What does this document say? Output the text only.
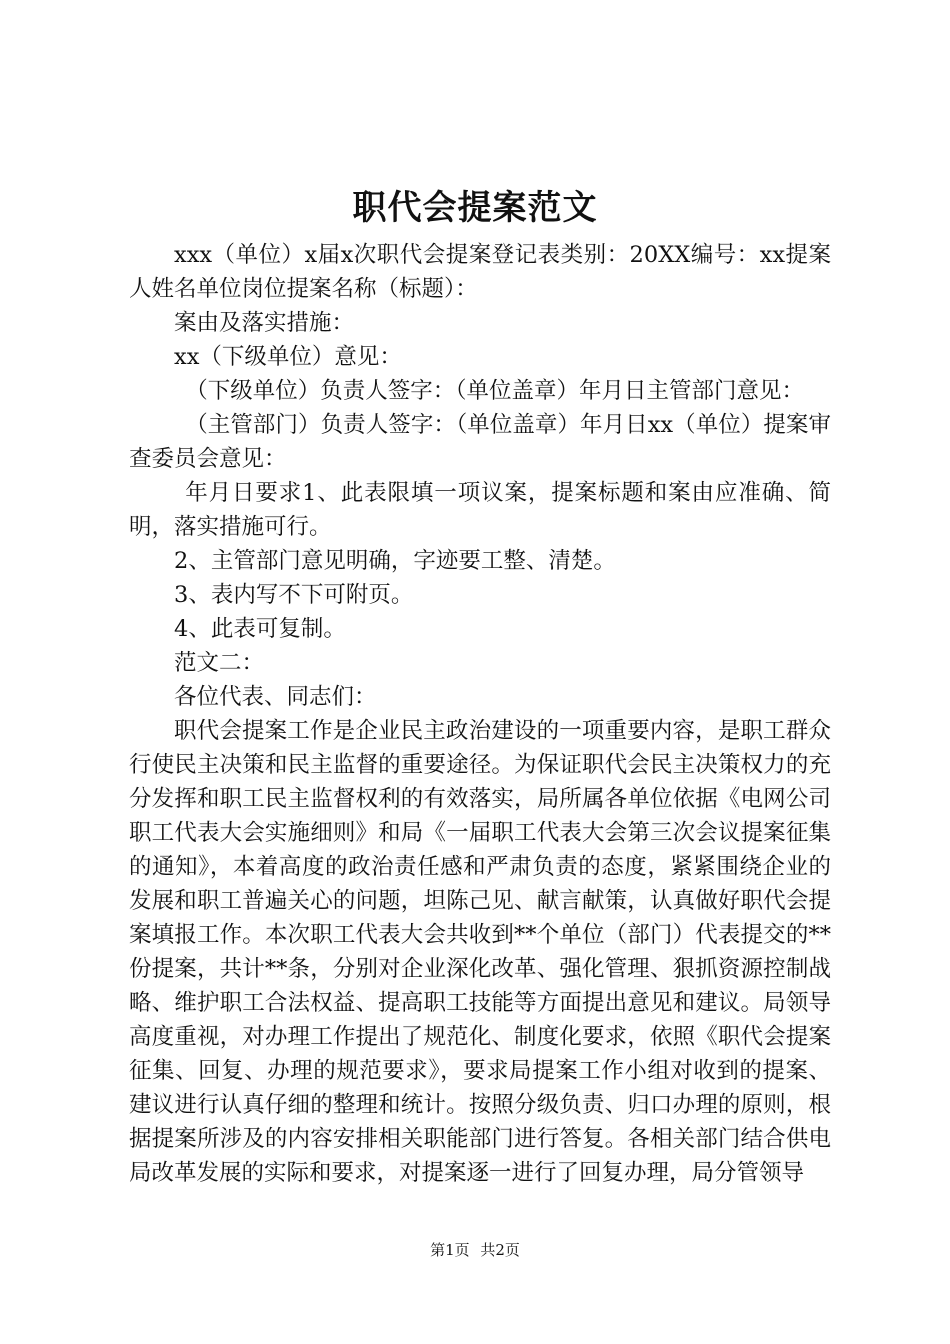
职代会提案范文

xxx（单位）x届x次职代会提案登记表类别：20XX编号：xx提案人姓名单位岗位提案名称（标题）：

案由及落实措施：

xx（下级单位）意见：

（下级单位）负责人签字：（单位盖章）年月日主管部门意见：

（主管部门）负责人签字：（单位盖章）年月日xx（单位）提案审查委员会意见：

年月日要求1、此表限填一项议案，提案标题和案由应准确、简明，落实措施可行。

2、主管部门意见明确，字迹要工整、清楚。

3、表内写不下可附页。

4、此表可复制。

范文二：

各位代表、同志们：

职代会提案工作是企业民主政治建设的一项重要内容，是职工群众行使民主决策和民主监督的重要途径。为保证职代会民主决策权力的充分发挥和职工民主监督权利的有效落实，局所属各单位依据《电网公司职工代表大会实施细则》和局《一届职工代表大会第三次会议提案征集的通知》，本着高度的政治责任感和严肃负责的态度，紧紧围绕企业的发展和职工普遍关心的问题，坦陈己见、献言献策，认真做好职代会提案填报工作。本次职工代表大会共收到**个单位（部门）代表提交的**份提案，共计**条，分别对企业深化改革、强化管理、狠抓资源控制战略、维护职工合法权益、提高职工技能等方面提出意见和建议。局领导高度重视，对办理工作提出了规范化、制度化要求，依照《职代会提案征集、回复、办理的规范要求》，要求局提案工作小组对收到的提案、建议进行认真仔细的整理和统计。按照分级负责、归口办理的原则，根据提案所涉及的内容安排相关职能部门进行答复。各相关部门结合供电局改革发展的实际和要求，对提案逐一进行了回复办理，局分管领导

第1页 共2页
